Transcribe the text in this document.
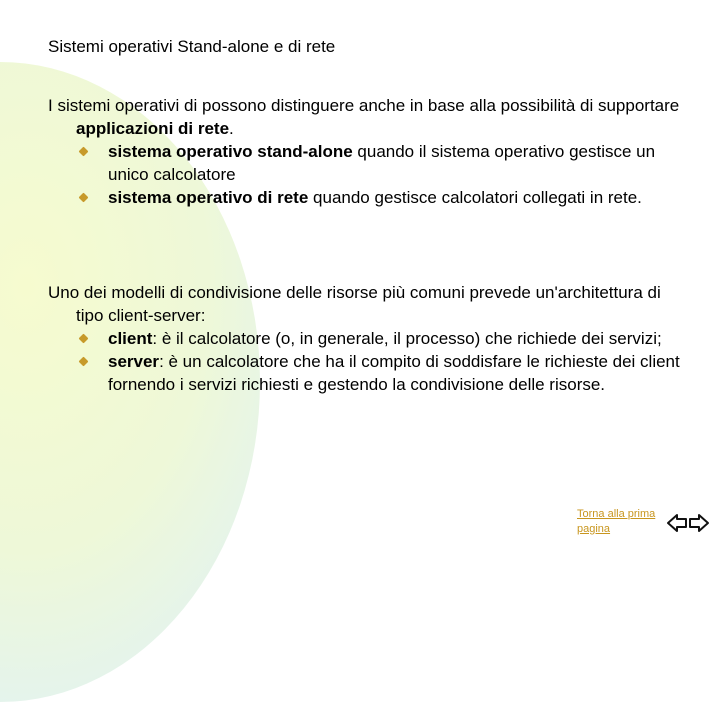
Sistemi operativi Stand-alone e di rete
I sistemi operativi di possono distinguere anche in base alla possibilità di supportare applicazioni di rete.

sistema operativo stand-alone quando il sistema operativo gestisce un unico calcolatore

sistema operativo di rete quando gestisce calcolatori collegati in rete.

Uno dei modelli di condivisione delle risorse più comuni prevede un'architettura di tipo client-server:

client: è il calcolatore (o, in generale, il processo) che richiede dei servizi;

server: è un calcolatore che ha il compito di soddisfare le richieste dei client fornendo i servizi richiesti e gestendo la condivisione delle risorse.

Torna alla prima pagina
